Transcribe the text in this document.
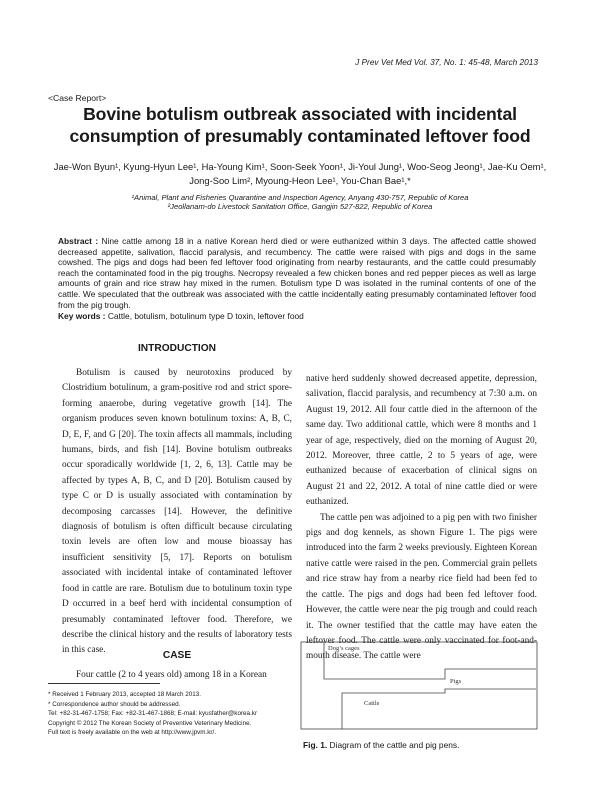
J Prev Vet Med Vol. 37, No. 1: 45-48, March 2013
<Case Report>
Bovine botulism outbreak associated with incidental
consumption of presumably contaminated leftover food
Jae-Won Byun¹, Kyung-Hyun Lee¹, Ha-Young Kim¹, Soon-Seek Yoon¹, Ji-Youl Jung¹, Woo-Seog Jeong¹, Jae-Ku Oem¹,
Jong-Soo Lim², Myoung-Heon Lee¹, You-Chan Bae¹,*
¹Animal, Plant and Fisheries Quarantine and Inspection Agency, Anyang 430-757, Republic of Korea
²Jeollanam-do Livestock Sanitation Office, Gangjin 527-822, Republic of Korea
Abstract : Nine cattle among 18 in a native Korean herd died or were euthanized within 3 days. The affected cattle showed decreased appetite, salivation, flaccid paralysis, and recumbency. The cattle were raised with pigs and dogs in the same cowshed. The pigs and dogs had been fed leftover food originating from nearby restaurants, and the cattle could presumably reach the contaminated food in the pig troughs. Necropsy revealed a few chicken bones and red pepper pieces as well as large amounts of grain and rice straw hay mixed in the rumen. Botulism type D was isolated in the ruminal contents of one of the cattle. We speculated that the outbreak was associated with the cattle incidentally eating presumably contaminated leftover food from the pig trough.
Key words : Cattle, botulism, botulinum type D toxin, leftover food
INTRODUCTION

Botulism is caused by neurotoxins produced by Clostridium botulinum, a gram-positive rod and strict spore-forming anaerobe, during vegetative growth [14]. The organism produces seven known botulinum toxins: A, B, C, D, E, F, and G [20]. The toxin affects all mammals, including humans, birds, and fish [14]. Bovine botulism outbreaks occur sporadically worldwide [1, 2, 6, 13]. Cattle may be affected by types A, B, C, and D [20]. Botulism caused by type C or D is usually associated with contamination by decomposing carcasses [14]. However, the definitive diagnosis of botulism is often difficult because circulating toxin levels are often low and mouse bioassay has insufficient sensitivity [5, 17]. Reports on botulism associated with incidental intake of contaminated leftover food in cattle are rare. Botulism due to botulinum toxin type D occurred in a beef herd with incidental consumption of presumably contaminated leftover food. Therefore, we describe the clinical history and the results of laboratory tests in this case.	CASE

Four cattle (2 to 4 years old) among 18 in a Korean

* Received 1 February 2013, accepted 18 March 2013.
* Correspondence author should be addressed.
Tel: +82-31-467-1758; Fax: +82-31-467-1868; E-mail: kyusfather@korea.kr
Copyright © 2012 The Korean Society of Preventive Veterinary Medicine.
Full text is freely available on the web at http://www.jpvm.kr/.

native herd suddenly showed decreased appetite, depression, salivation, flaccid paralysis, and recumbency at 7:30 a.m. on August 19, 2012. All four cattle died in the afternoon of the same day. Two additional cattle, which were 8 months and 1 year of age, respectively, died on the morning of August 20, 2012. Moreover, three cattle, 2 to 5 years of age, were euthanized because of exacerbation of clinical signs on August 21 and 22, 2012. A total of nine cattle died or were euthanized.

The cattle pen was adjoined to a pig pen with two finisher pigs and dog kennels, as shown Figure 1. The pigs were introduced into the farm 2 weeks previously. Eighteen Korean native cattle were raised in the pen. Commercial grain pellets and rice straw hay from a nearby rice field had been fed to the cattle. The pigs and dogs had been fed leftover food. However, the cattle were near the pig trough and could reach it. The owner testified that the cattle may have eaten the leftover food. The cattle were only vaccinated for foot-and-mouth disease. The cattle were

Dog’s cages
Pigs
Cattle
Fig. 1. Diagram of the cattle and pig pens.
